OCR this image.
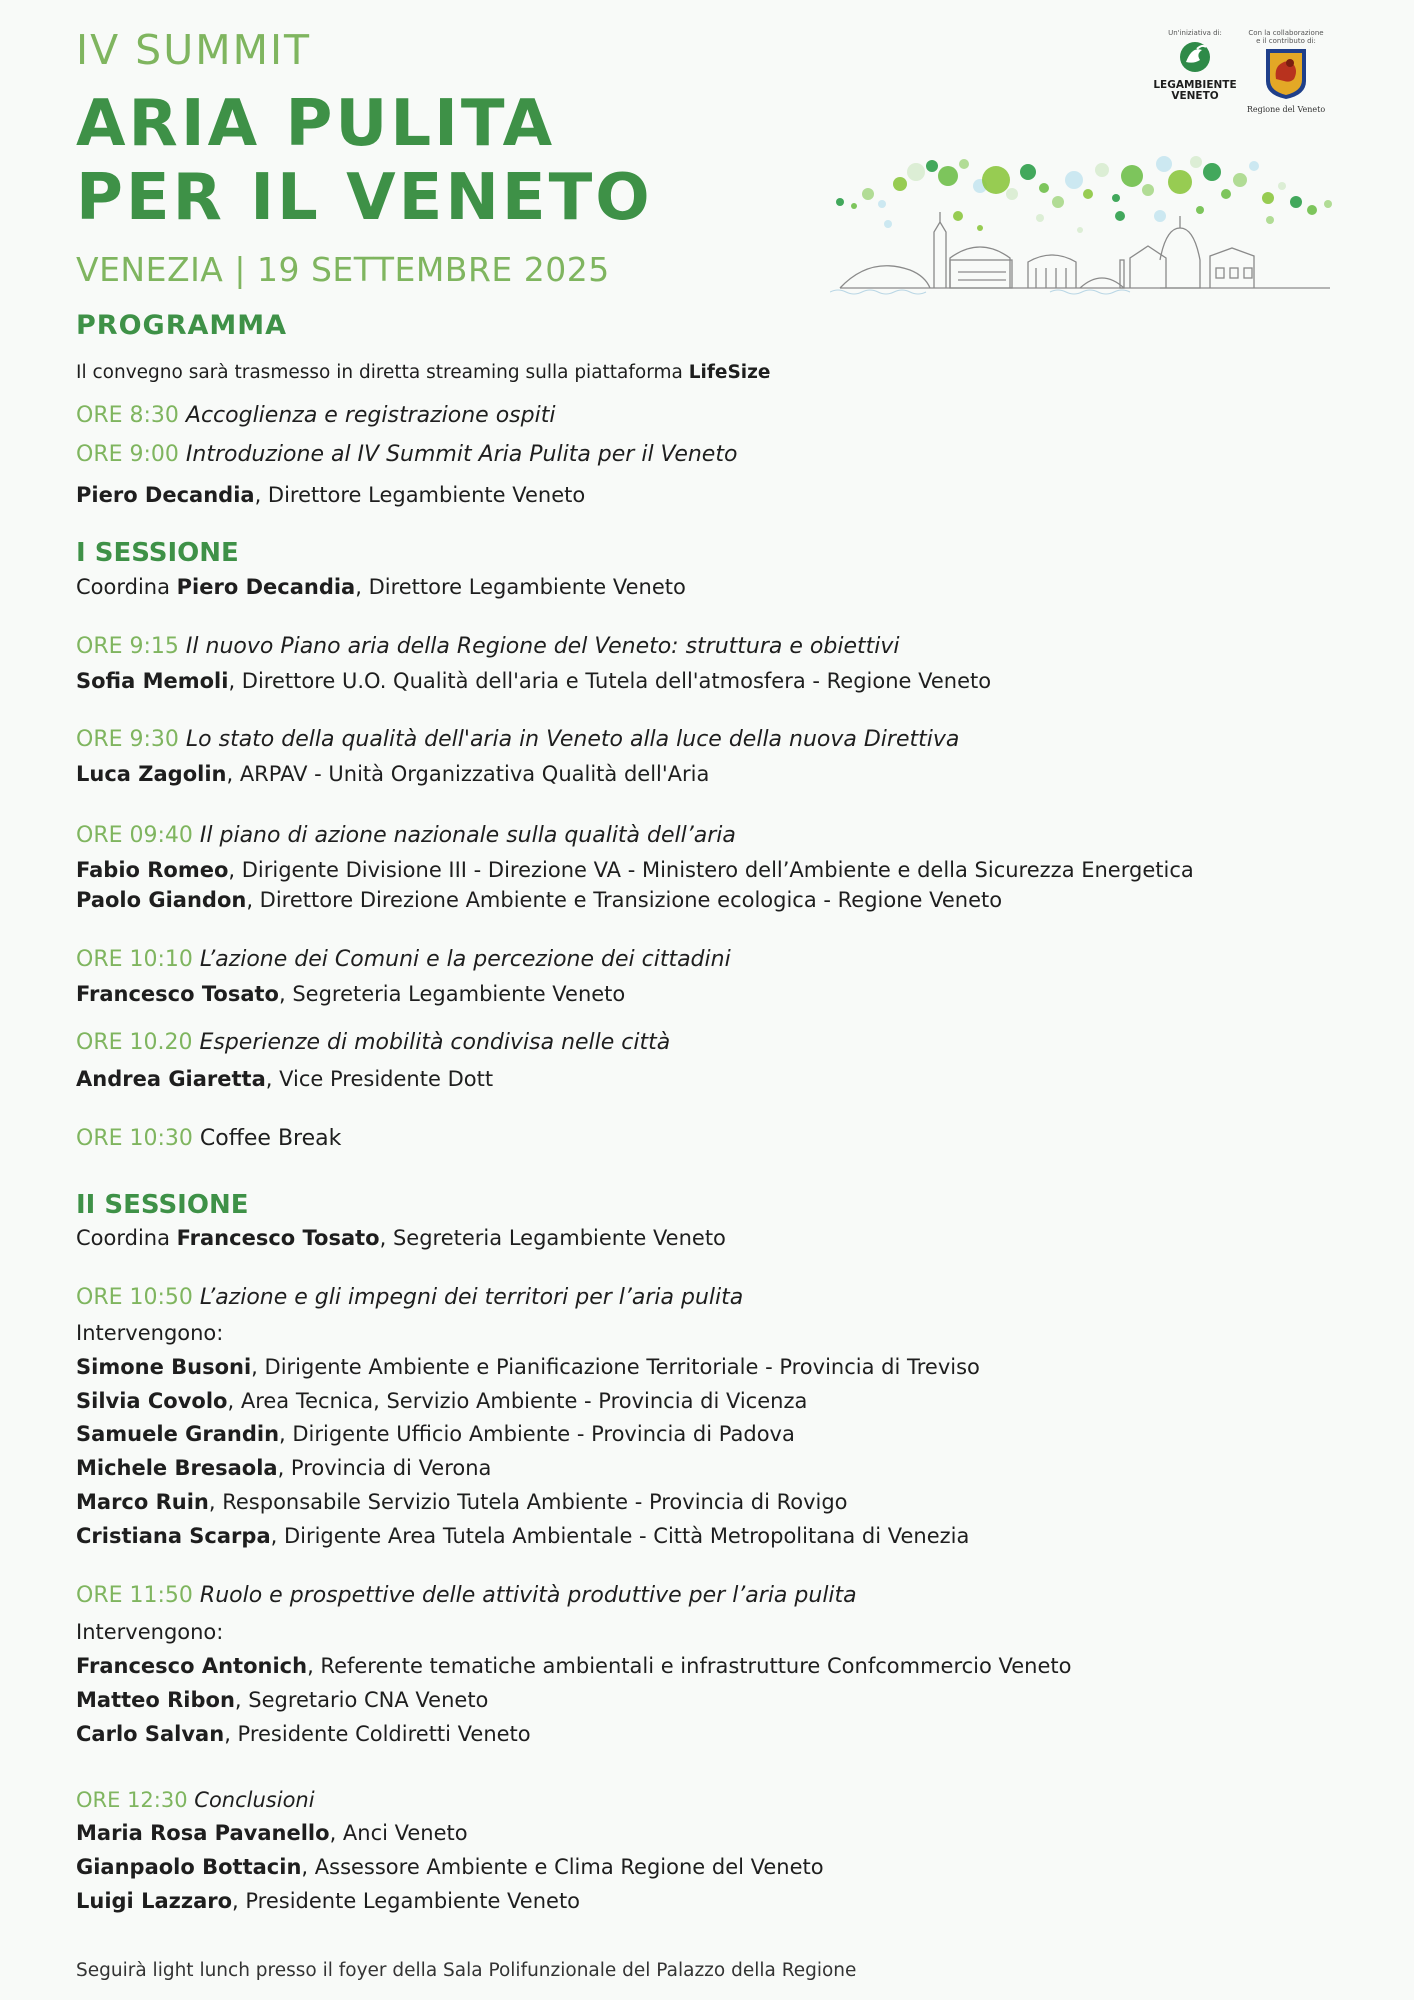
IV SUMMIT
ARIA PULITA
PER IL VENETO
VENEZIA | 19 SETTEMBRE 2025
PROGRAMMA
Il convegno sarà trasmesso in diretta streaming sulla piattaforma LifeSize
Un'iniziativa di:
LEGAMBIENTE
VENETO
Con la collaborazione
e il contributo di:
Regione del Veneto
ORE 8:30 Accoglienza e registrazione ospiti
ORE 9:00 Introduzione al IV Summit Aria Pulita per il Veneto
Piero Decandia, Direttore Legambiente Veneto
I SESSIONE
Coordina Piero Decandia, Direttore Legambiente Veneto
ORE 9:15 Il nuovo Piano aria della Regione del Veneto: struttura e obiettivi
Sofia Memoli, Direttore U.O. Qualità dell'aria e Tutela dell'atmosfera - Regione Veneto
ORE 9:30 Lo stato della qualità dell'aria in Veneto alla luce della nuova Direttiva
Luca Zagolin, ARPAV - Unità Organizzativa Qualità dell'Aria
ORE 09:40 Il piano di azione nazionale sulla qualità dell’aria
Fabio Romeo, Dirigente Divisione III - Direzione VA - Ministero dell’Ambiente e della Sicurezza Energetica
Paolo Giandon, Direttore Direzione Ambiente e Transizione ecologica - Regione Veneto
ORE 10:10 L’azione dei Comuni e la percezione dei cittadini
Francesco Tosato, Segreteria Legambiente Veneto
ORE 10.20 Esperienze di mobilità condivisa nelle città
Andrea Giaretta, Vice Presidente Dott
ORE 10:30 Coffee Break
II SESSIONE
Coordina Francesco Tosato, Segreteria Legambiente Veneto
ORE 10:50 L’azione e gli impegni dei territori per l’aria pulita
Intervengono:
Simone Busoni, Dirigente Ambiente e Pianificazione Territoriale - Provincia di Treviso
Silvia Covolo, Area Tecnica, Servizio Ambiente - Provincia di Vicenza
Samuele Grandin, Dirigente Ufficio Ambiente - Provincia di Padova
Michele Bresaola, Provincia di Verona
Marco Ruin, Responsabile Servizio Tutela Ambiente - Provincia di Rovigo
Cristiana Scarpa, Dirigente Area Tutela Ambientale - Città Metropolitana di Venezia
ORE 11:50 Ruolo e prospettive delle attività produttive per l’aria pulita
Intervengono:
Francesco Antonich, Referente tematiche ambientali e infrastrutture Confcommercio Veneto
Matteo Ribon, Segretario CNA Veneto
Carlo Salvan, Presidente Coldiretti Veneto
ORE 12:30 Conclusioni
Maria Rosa Pavanello, Anci Veneto
Gianpaolo Bottacin, Assessore Ambiente e Clima Regione del Veneto
Luigi Lazzaro, Presidente Legambiente Veneto
Seguirà light lunch presso il foyer della Sala Polifunzionale del Palazzo della Regione
